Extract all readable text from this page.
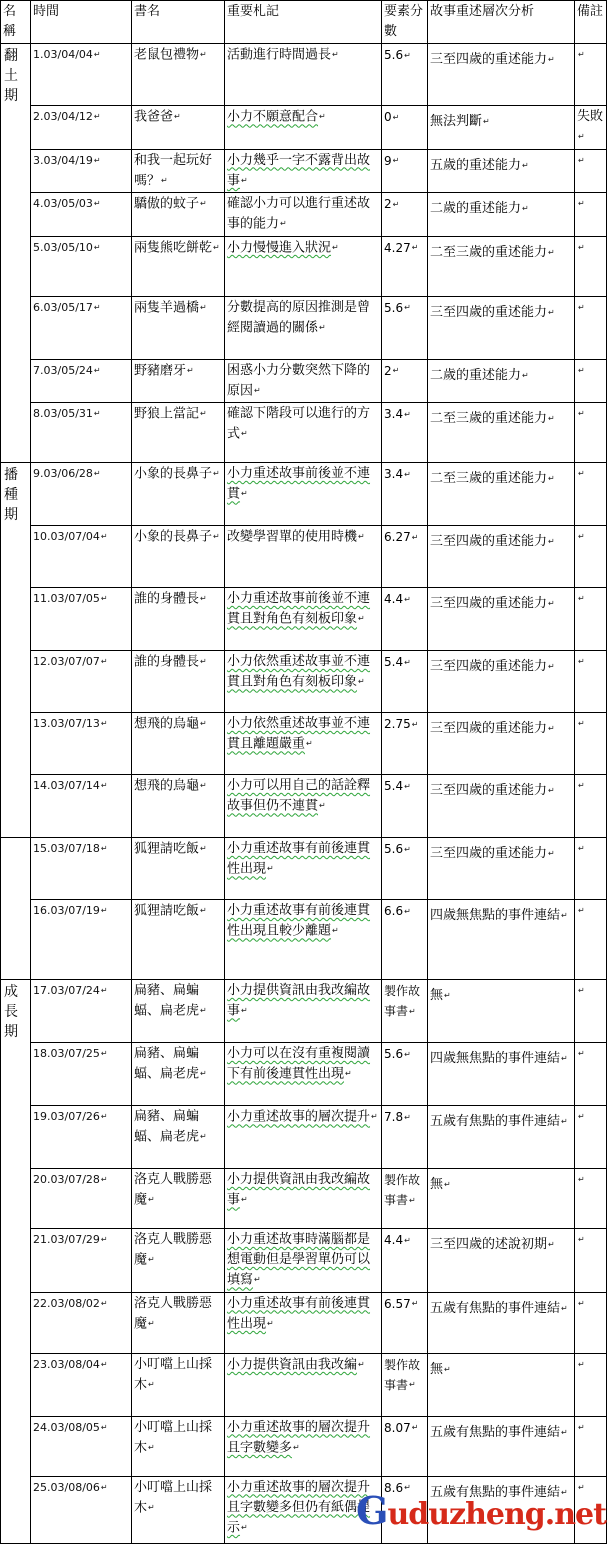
名稱	時間	書名	重要札記	要素分數	故事重述層次分析	備註
翻土期	1.03/04/04↵	老鼠包禮物↵	活動進行時間過長↵	5.6↵	三至四歲的重述能力↵	↵
	2.03/04/12↵	我爸爸↵	小力不願意配合↵	0↵	無法判斷↵	失敗↵
	3.03/04/19↵	和我一起玩好嗎？↵	小力幾乎一字不露背出故事↵	9↵	五歲的重述能力↵	↵
	4.03/05/03↵	驕傲的蚊子↵	確認小力可以進行重述故事的能力↵	2↵	二歲的重述能力↵	↵
	5.03/05/10↵	兩隻熊吃餅乾↵	小力慢慢進入狀況↵	4.27↵	二至三歲的重述能力↵	↵
	6.03/05/17↵	兩隻羊過橋↵	分數提高的原因推測是曾經閱讀過的關係↵	5.6↵	三至四歲的重述能力↵	↵
	7.03/05/24↵	野豬磨牙↵	困惑小力分數突然下降的原因↵	2↵	二歲的重述能力↵	↵
	8.03/05/31↵	野狼上當記↵	確認下階段可以進行的方式↵	3.4↵	二至三歲的重述能力↵	↵
播種期	9.03/06/28↵	小象的長鼻子↵	小力重述故事前後並不連貫↵	3.4↵	二至三歲的重述能力↵	↵
	10.03/07/04↵	小象的長鼻子↵	改變學習單的使用時機↵	6.27↵	三至四歲的重述能力↵	↵
	11.03/07/05↵	誰的身體長↵	小力重述故事前後並不連貫且對角色有刻板印象↵	4.4↵	三至四歲的重述能力↵	↵
	12.03/07/07↵	誰的身體長↵	小力依然重述故事並不連貫且對角色有刻板印象↵	5.4↵	三至四歲的重述能力↵	↵
	13.03/07/13↵	想飛的烏龜↵	小力依然重述故事並不連貫且離題嚴重↵	2.75↵	三至四歲的重述能力↵	↵
	14.03/07/14↵	想飛的烏龜↵	小力可以用自己的話詮釋故事但仍不連貫↵	5.4↵	三至四歲的重述能力↵	↵
	15.03/07/18↵	狐狸請吃飯↵	小力重述故事有前後連貫性出現↵	5.6↵	三至四歲的重述能力↵	↵
	16.03/07/19↵	狐狸請吃飯↵	小力重述故事有前後連貫性出現且較少離題↵	6.6↵	四歲無焦點的事件連結↵	↵
成長期	17.03/07/24↵	扁豬、扁蝙蝠、扁老虎↵	小力提供資訊由我改編故事↵	製作故事書↵	無↵	↵
	18.03/07/25↵	扁豬、扁蝙蝠、扁老虎↵	小力可以在沒有重複閱讀下有前後連貫性出現↵	5.6↵	四歲無焦點的事件連結↵	↵
	19.03/07/26↵	扁豬、扁蝙蝠、扁老虎↵	小力重述故事的層次提升↵	7.8↵	五歲有焦點的事件連結↵	↵
	20.03/07/28↵	洛克人戰勝惡魔↵	小力提供資訊由我改編故事↵	製作故事書↵	無↵	↵
	21.03/07/29↵	洛克人戰勝惡魔↵	小力重述故事時滿腦都是想電動但是學習單仍可以填寫↵	4.4↵	三至四歲的述說初期↵	↵
	22.03/08/02↵	洛克人戰勝惡魔↵	小力重述故事有前後連貫性出現↵	6.57↵	五歲有焦點的事件連結↵	↵
	23.03/08/04↵	小叮噹上山採木↵	小力提供資訊由我改編↵	製作故事書↵	無↵	↵
	24.03/08/05↵	小叮噹上山採木↵	小力重述故事的層次提升且字數變多↵	8.07↵	五歲有焦點的事件連結↵	↵
	25.03/08/06↵	小叮噹上山採木↵	小力重述故事的層次提升且字數變多但仍有紙偶提示↵	8.6↵	五歲有焦點的事件連結↵	↵
Guduzheng.net
